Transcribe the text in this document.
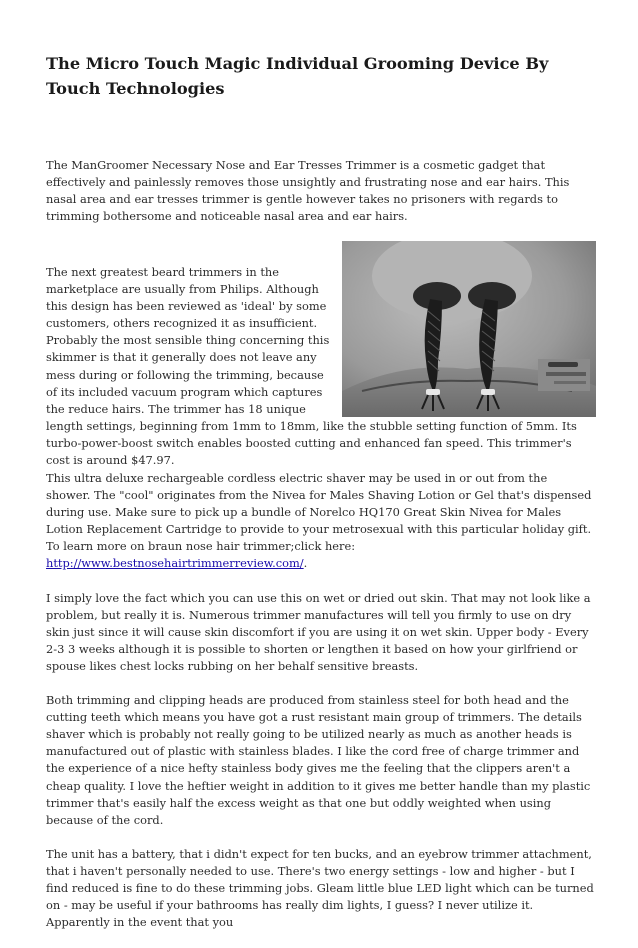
The Micro Touch Magic Individual Grooming Device By Touch Technologies

The ManGroomer Necessary Nose and Ear Tresses Trimmer is a cosmetic gadget that effectively and painlessly removes those unsightly and frustrating nose and ear hairs. This nasal area and ear tresses trimmer is gentle however takes no prisoners with regards to trimming bothersome and noticeable nasal area and ear hairs.

The next greatest beard trimmers in the marketplace are usually from Philips. Although this design has been reviewed as 'ideal' by some customers, others recognized it as insufficient. Probably the most sensible thing concerning this skimmer is that it generally does not leave any mess during or following the trimming, because of its included vacuum program which captures the reduce hairs. The trimmer has 18 unique length settings, beginning from 1mm to 18mm, like the stubble setting function of 5mm. Its turbo-power-boost switch enables boosted cutting and enhanced fan speed. This trimmer's cost is around $47.97.

This ultra deluxe rechargeable cordless electric shaver may be used in or out from the shower. The "cool" originates from the Nivea for Males Shaving Lotion or Gel that's dispensed during use. Make sure to pick up a bundle of Norelco HQ170 Great Skin Nivea for Males Lotion Replacement Cartridge to provide to your metrosexual with this particular holiday gift. To learn more on braun nose hair trimmer;click here: http://www.bestnosehairtrimmerreview.com/.

I simply love the fact which you can use this on wet or dried out skin. That may not look like a problem, but really it is. Numerous trimmer manufactures will tell you firmly to use on dry skin just since it will cause skin discomfort if you are using it on wet skin. Upper body - Every 2-3 3 weeks although it is possible to shorten or lengthen it based on how your girlfriend or spouse likes chest locks rubbing on her behalf sensitive breasts.

Both trimming and clipping heads are produced from stainless steel for both head and the cutting teeth which means you have got a rust resistant main group of trimmers. The details shaver which is probably not really going to be utilized nearly as much as another heads is manufactured out of plastic with stainless blades. I like the cord free of charge trimmer and the experience of a nice hefty stainless body gives me the feeling that the clippers aren't a cheap quality. I love the heftier weight in addition to it gives me better handle than my plastic trimmer that's easily half the excess weight as that one but oddly weighted when using because of the cord.

The unit has a battery, that i didn't expect for ten bucks, and an eyebrow trimmer attachment, that i haven't personally needed to use. There's two energy settings - low and higher - but I find reduced is fine to do these trimming jobs. Gleam little blue LED light which can be turned on - may be useful if your bathrooms has really dim lights, I guess? I never utilize it. Apparently in the event that you
